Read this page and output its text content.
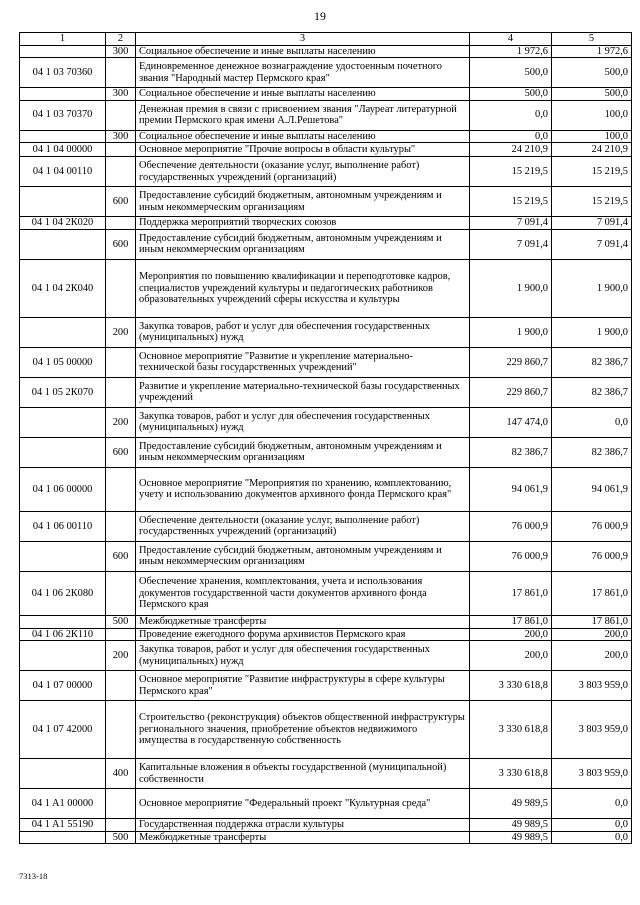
19
1	2	3	4	5
	300	Социальное обеспечение и иные выплаты населению	1 972,6	1 972,6
04 1 03 70360		Единовременное денежное вознаграждение удостоенным почетного звания "Народный мастер Пермского края"	500,0	500,0
	300	Социальное обеспечение и иные выплаты населению	500,0	500,0
04 1 03 70370		Денежная премия в связи с присвоением звания "Лауреат литературной премии Пермского края имени А.Л.Решетова"	0,0	100,0
	300	Социальное обеспечение и иные выплаты населению	0,0	100,0
04 1 04 00000		Основное мероприятие "Прочие вопросы в области культуры"	24 210,9	24 210,9
04 1 04 00110		Обеспечение деятельности (оказание услуг, выполнение работ) государственных учреждений (организаций)	15 219,5	15 219,5
	600	Предоставление субсидий бюджетным, автономным учреждениям и иным некоммерческим организациям	15 219,5	15 219,5
04 1 04 2К020		Поддержка мероприятий творческих союзов	7 091,4	7 091,4
	600	Предоставление субсидий бюджетным, автономным учреждениям и иным некоммерческим организациям	7 091,4	7 091,4
04 1 04 2К040		Мероприятия по повышению квалификации и переподготовке кадров, специалистов учреждений культуры и педагогических работников образовательных учреждений сферы искусства и культуры	1 900,0	1 900,0
	200	Закупка товаров, работ и услуг для обеспечения государственных (муниципальных) нужд	1 900,0	1 900,0
04 1 05 00000		Основное мероприятие "Развитие и укрепление материально-технической базы государственных учреждений"	229 860,7	82 386,7
04 1 05 2К070		Развитие и укрепление материально-технической базы государственных учреждений	229 860,7	82 386,7
	200	Закупка товаров, работ и услуг для обеспечения государственных (муниципальных) нужд	147 474,0	0,0
	600	Предоставление субсидий бюджетным, автономным учреждениям и иным некоммерческим организациям	82 386,7	82 386,7
04 1 06 00000		Основное мероприятие "Мероприятия по хранению, комплектованию, учету и использованию документов архивного фонда Пермского края"	94 061,9	94 061,9
04 1 06 00110		Обеспечение деятельности (оказание услуг, выполнение работ) государственных учреждений (организаций)	76 000,9	76 000,9
	600	Предоставление субсидий бюджетным, автономным учреждениям и иным некоммерческим организациям	76 000,9	76 000,9
04 1 06 2К080		Обеспечение хранения, комплектования, учета и использования документов государственной части документов архивного фонда Пермского края	17 861,0	17 861,0
	500	Межбюджетные трансферты	17 861,0	17 861,0
04 1 06 2К110		Проведение ежегодного форума архивистов Пермского края	200,0	200,0
	200	Закупка товаров, работ и услуг для обеспечения государственных (муниципальных) нужд	200,0	200,0
04 1 07 00000		Основное мероприятие "Развитие инфраструктуры в сфере культуры Пермского края"	3 330 618,8	3 803 959,0
04 1 07 42000		Строительство (реконструкция) объектов общественной инфраструктуры регионального значения, приобретение объектов недвижимого имущества в государственную собственность	3 330 618,8	3 803 959,0
	400	Капитальные вложения в объекты государственной (муниципальной) собственности	3 330 618,8	3 803 959,0
04 1 A1 00000		Основное мероприятие "Федеральный проект "Культурная среда"	49 989,5	0,0
04 1 A1 55190		Государственная поддержка отрасли культуры	49 989,5	0,0
	500	Межбюджетные трансферты	49 989,5	0,0
7313-18
